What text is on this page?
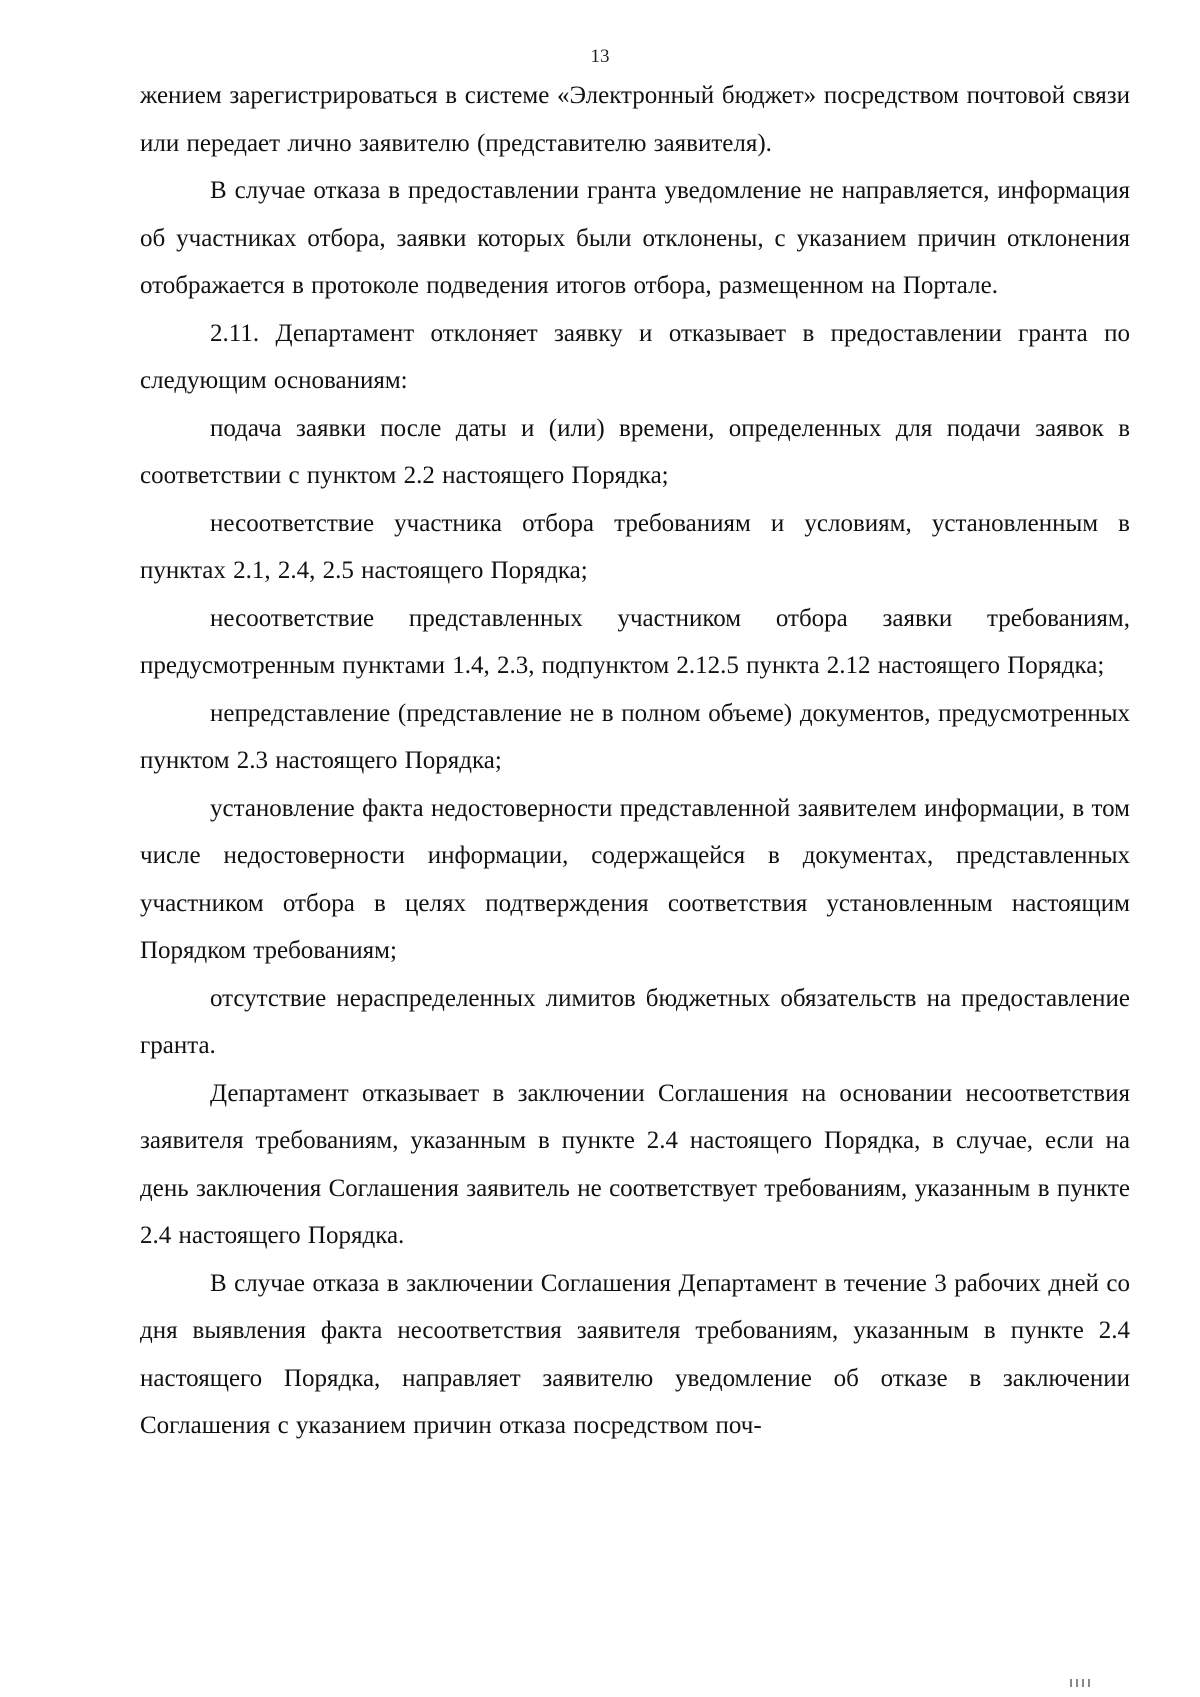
13

жением зарегистрироваться в системе «Электронный бюджет» посредством почтовой связи или передает лично заявителю (представителю заявителя).

В случае отказа в предоставлении гранта уведомление не направляется, информация об участниках отбора, заявки которых были отклонены, с указанием причин отклонения отображается в протоколе подведения итогов отбора, размещенном на Портале.

2.11. Департамент отклоняет заявку и отказывает в предоставлении гранта по следующим основаниям:

подача заявки после даты и (или) времени, определенных для подачи заявок в соответствии с пунктом 2.2 настоящего Порядка;

несоответствие участника отбора требованиям и условиям, установленным в пунктах 2.1, 2.4, 2.5 настоящего Порядка;

несоответствие представленных участником отбора заявки требованиям, предусмотренным пунктами 1.4, 2.3, подпунктом 2.12.5 пункта 2.12 настоящего Порядка;

непредставление (представление не в полном объеме) документов, предусмотренных пунктом 2.3 настоящего Порядка;

установление факта недостоверности представленной заявителем информации, в том числе недостоверности информации, содержащейся в документах, представленных участником отбора в целях подтверждения соответствия установленным настоящим Порядком требованиям;

отсутствие нераспределенных лимитов бюджетных обязательств на предоставление гранта.

Департамент отказывает в заключении Соглашения на основании несоответствия заявителя требованиям, указанным в пункте 2.4 настоящего Порядка, в случае, если на день заключения Соглашения заявитель не соответствует требованиям, указанным в пункте 2.4 настоящего Порядка.

В случае отказа в заключении Соглашения Департамент в течение 3 рабочих дней со дня выявления факта несоответствия заявителя требованиям, указанным в пункте 2.4 настоящего Порядка, направляет заявителю уведомление об отказе в заключении Соглашения с указанием причин отказа посредством поч-
